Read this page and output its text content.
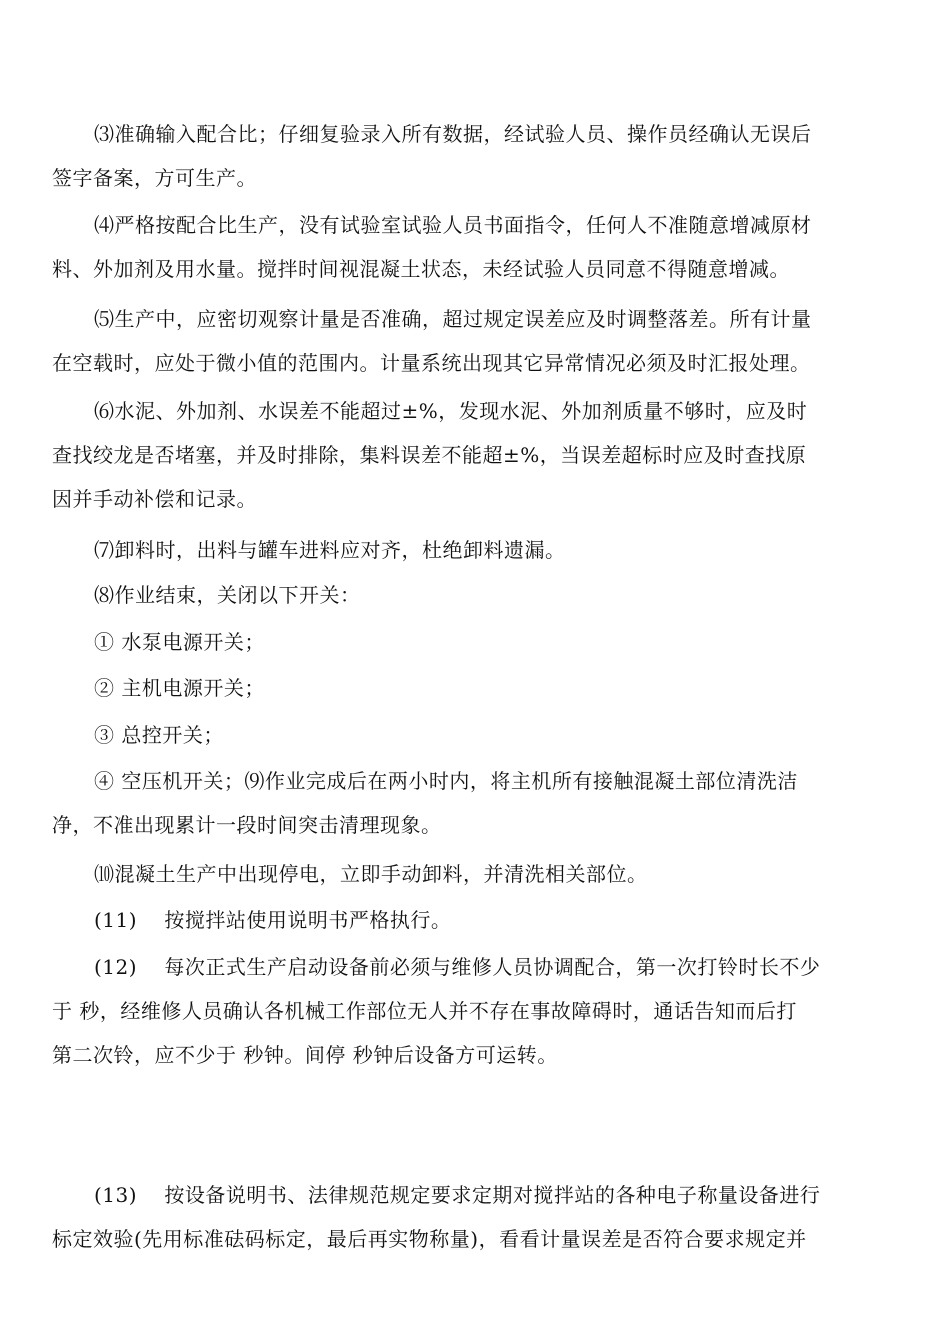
⑶准确输入配合比；仔细复验录入所有数据，经试验人员、操作员经确认无误后
签字备案，方可生产。
⑷严格按配合比生产，没有试验室试验人员书面指令，任何人不准随意增减原材
料、外加剂及用水量。搅拌时间视混凝土状态，未经试验人员同意不得随意增减。
⑸生产中，应密切观察计量是否准确，超过规定误差应及时调整落差。所有计量
在空载时，应处于微小值的范围内。计量系统出现其它异常情况必须及时汇报处理。
⑹水泥、外加剂、水误差不能超过±%，发现水泥、外加剂质量不够时，应及时
查找绞龙是否堵塞，并及时排除，集料误差不能超±%，当误差超标时应及时查找原
因并手动补偿和记录。
⑺卸料时，出料与罐车进料应对齐，杜绝卸料遗漏。
⑻作业结束，关闭以下开关：
① 水泵电源开关；
② 主机电源开关；
③ 总控开关；
④ 空压机开关；⑼作业完成后在两小时内，将主机所有接触混凝土部位清洗洁
净，不准出现累计一段时间突击清理现象。
⑽混凝土生产中出现停电，立即手动卸料，并清洗相关部位。
(11)　 按搅拌站使用说明书严格执行。
(12)　 每次正式生产启动设备前必须与维修人员协调配合，第一次打铃时长不少
于 秒，经维修人员确认各机械工作部位无人并不存在事故障碍时，通话告知而后打
第二次铃，应不少于 秒钟。间停 秒钟后设备方可运转。
(13)　 按设备说明书、法律规范规定要求定期对搅拌站的各种电子称量设备进行
标定效验(先用标准砝码标定，最后再实物称量)，看看计量误差是否符合要求规定并
